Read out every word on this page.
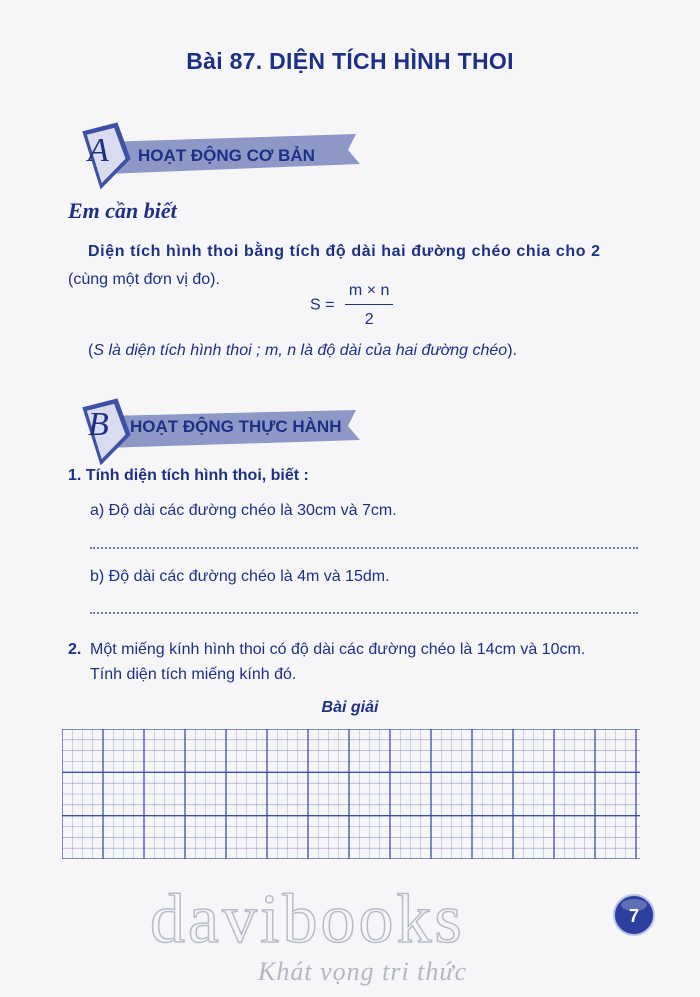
Bài 87. DIỆN TÍCH HÌNH THOI
A HOẠT ĐỘNG CƠ BẢN
Em cần biết
Diện tích hình thoi bằng tích độ dài hai đường chéo chia cho 2
(cùng một đơn vị đo).
$S = \frac{m \times n}{2}$
(S là diện tích hình thoi ; m, n là độ dài của hai đường chéo).
B HOẠT ĐỘNG THỰC HÀNH
1. Tính diện tích hình thoi, biết :
a) Độ dài các đường chéo là 30cm và 7cm.
b) Độ dài các đường chéo là 4m và 15dm.
2. Một miếng kính hình thoi có độ dài các đường chéo là 14cm và 10cm.
Tính diện tích miếng kính đó.
Bài giải
davibooks
Khát vọng tri thức
7
